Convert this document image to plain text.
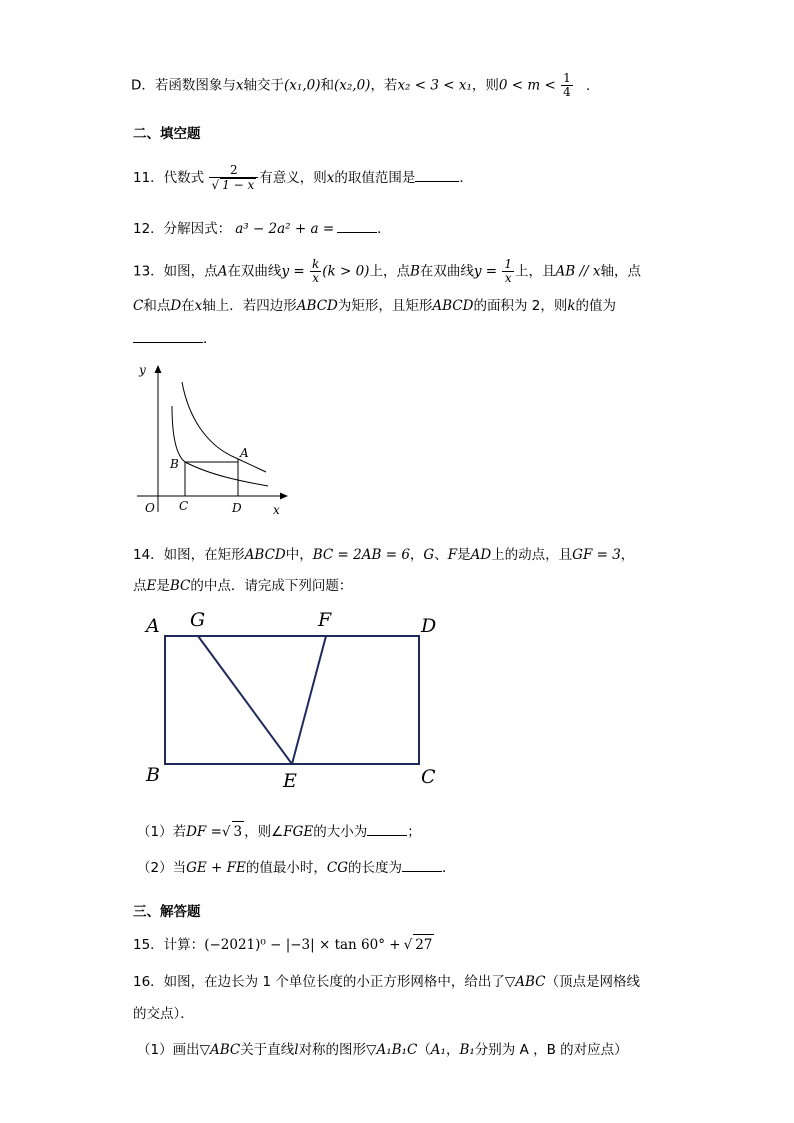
D．若函数图象与x轴交于(x₁,0)和(x₂,0)，若x₂ < 3 < x₁，则$0 < m < \frac{1}{4}$ ．
二、填空题
11．代数式 $\frac{2}{√ 1 - x}$ 有意义，则x的取值范围是	．
12．分解因式： a³ − 2a² + a =	．
13．如图，点A在双曲线$y = \frac{k}{x} (k > 0)$上，点B在双曲线$y = \frac{1}{x}$ 上，且AB // x轴，点
C和点D在x轴上．若四边形ABCD为矩形，且矩形ABCD的面积为 2，则k的值为
．
y
x
O
A
B
C	D
14．如图，在矩形ABCD中，BC = 2AB = 6，G、F是AD上的动点，且GF = 3，
点E是BC的中点．请完成下列问题：
A G	F	D
B	E	C
（1）若DF =√ 3 ，则∠FGE的大小为	；
（2）当GE + FE的值最小时，CG的长度为	．
三、解答题
15．计算：(−2021)⁰ − |−3| × tan 60° + √ 27
16．如图，在边长为 1 个单位长度的小正方形网格中，给出了▽ABC（顶点是网格线
的交点）．
（1）画出▽ABC关于直线l对称的图形▽A₁B₁C（A₁，B₁分别为 A ，B 的对应点）
